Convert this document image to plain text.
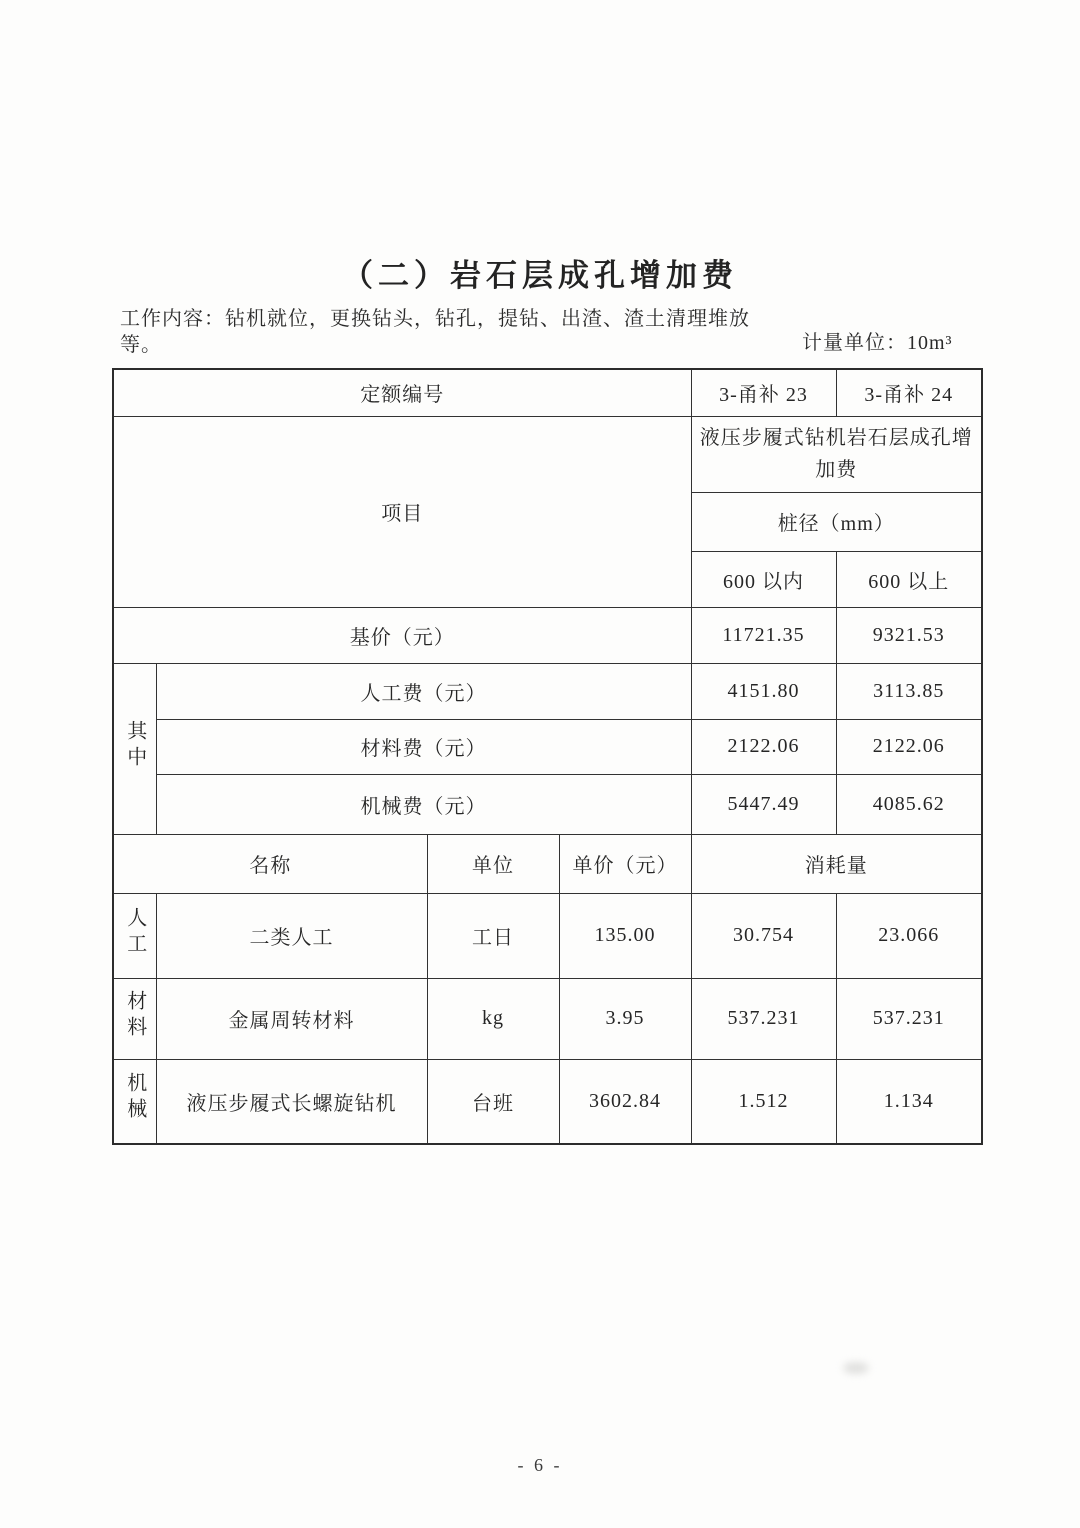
（二）岩石层成孔增加费
工作内容：钻机就位，更换钻头，钻孔，提钻、出渣、渣土清理堆放等。	计量单位：10m³
定额编号				3-甬补 23	3-甬补 24
项目				液压步履式钻机岩石层成孔增加费	
				桩径（mm）	
				600 以内	600 以上
基价（元）				11721.35	9321.53
其中	人工费（元）			4151.80	3113.85
	材料费（元）			2122.06	2122.06
	机械费（元）			5447.49	4085.62
名称		单位	单价（元）	消耗量	
人工	二类人工	工日	135.00	30.754	23.066
材料	金属周转材料	kg	3.95	537.231	537.231
机械	液压步履式长螺旋钻机	台班	3602.84	1.512	1.134
- 6 -
